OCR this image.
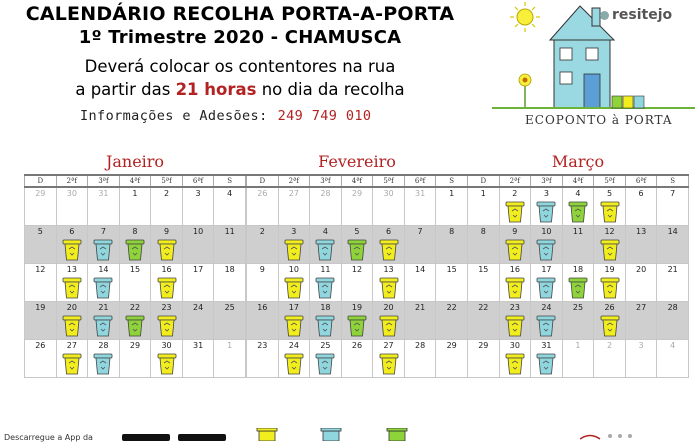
CALENDÁRIO RECOLHA PORTA-A-PORTA
1º Trimestre 2020 - CHAMUSCA
Deverá colocar os contentores na rua
a partir das 21 horas no dia da recolha
Informações e Adesões: 249 749 010
resitejo
ECOPONTO à PORTA
Janeiro
D	2ªf	3ªf	4ªf	5ªf	6ªf	S

29	30	31	1	2	3	4

5	6	7	8	9	10	11

12	13	14	15	16	17	18

19	20	21	22	23	24	25

26	27	28	29	30	31	1
Fevereiro
D	2ªf	3ªf	4ªf	5ªf	6ªf	S

26	27	28	29	30	31	1

2	3	4	5	6	7	8

9	10	11	12	13	14	15

16	17	18	19	20	21	22

23	24	25	26	27	28	29
Março
D	2ªf	3ªf	4ªf	5ªf	6ªf	S

1	2	3	4	5	6	7

8	9	10	11	12	13	14

15	16	17	18	19	20	21

22	23	24	25	26	27	28

29	30	31	1	2	3	4
Descarregue a App da
